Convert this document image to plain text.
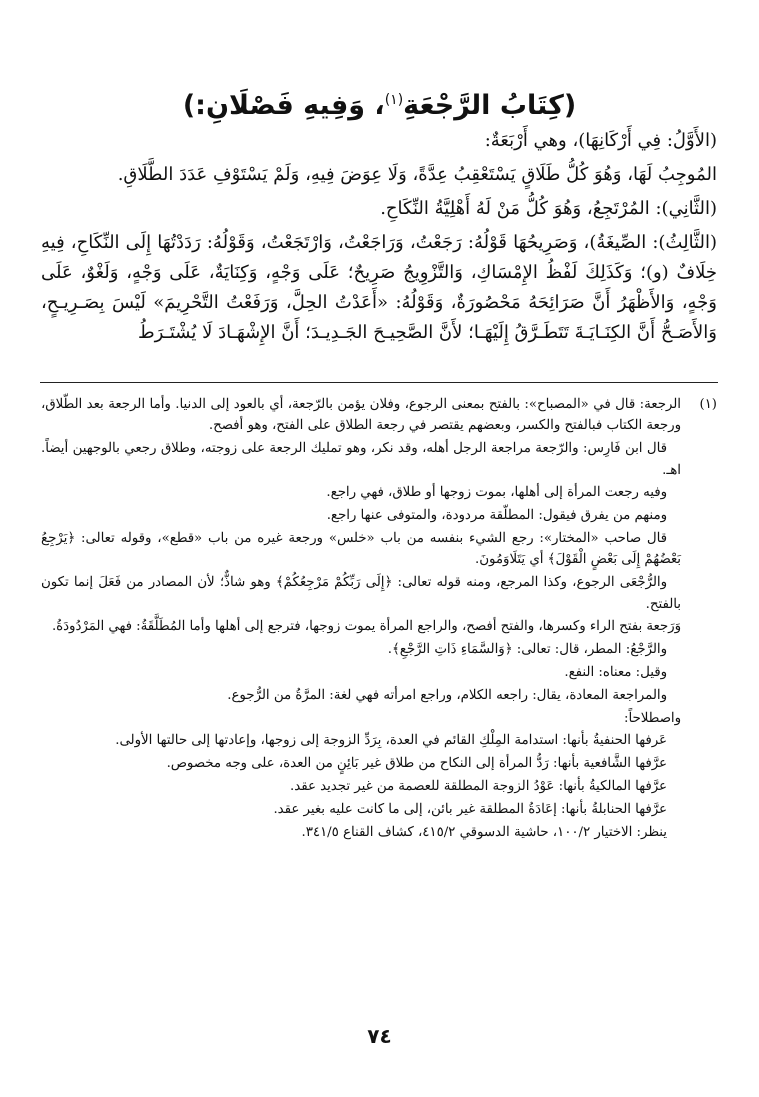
(كِتَابُ الرَّجْعَةِ$^{(١)}$، وَفِيهِ فَصْلَانِ:)

(الأَوَّلُ: فِي أَرْكَانِهَا)، وهي أَرْبَعَةٌ:

المُوجِبُ لَهَا، وَهُوَ كُلُّ طَلَاقٍ يَسْتَعْقِبُ عِدَّةً، وَلَا عِوَضَ فِيهِ، وَلَمْ يَسْتَوْفِ عَدَدَ الطَّلَاقِ.

(الثَّانِي): المُرْتَجِعُ، وَهُوَ كُلُّ مَنْ لَهُ أَهْلِيَّةُ النِّكَاحِ.

(الثَّالِثُ): الصِّيغَةُ)، وَصَرِيحُهَا قَوْلُهُ: رَجَعْتُ، وَرَاجَعْتُ، وَارْتَجَعْتُ، وَقَوْلُهُ: رَدَدْتُهَا إِلَى النِّكَاحِ، فِيهِ خِلَافٌ (و)؛ وَكَذَلِكَ لَفْظُ الإِمْسَاكِ، وَالتَّزْوِيجُ صَرِيحٌ؛ عَلَى وَجْهٍ، وَكِنَايَةٌ، عَلَى وَجْهٍ، وَلَغْوٌ، عَلَى وَجْهٍ، وَالأَظْهَرُ أَنَّ صَرَائِحَهُ مَحْصُورَةٌ، وَقَوْلُهُ: «أَعَدْتُ الحِلَّ، وَرَفَعْتُ التَّحْرِيمَ» لَيْسَ بِصَـرِيـحٍ، وَالأَصَـحُّ أَنَّ الكِنَـايَـةَ تَتَطَـرَّقُ إِلَيْهَـا؛ لأَنَّ الصَّحِيـحَ الجَـدِيـدَ؛ أَنَّ الإِشْهَـادَ لَا يُشْتَـرَطُ

(١)

الرجعة: قال في «المصباح»: بالفتح بمعنى الرجوع، وفلان يؤمن بالرّجعة، أي بالعود إلى الدنيا. وأما الرجعة بعد الطّلاق، ورجعة الكتاب فبالفتح والكسر، وبعضهم يقتصر في رجعة الطلاق على الفتح، وهو أفصح.

قال ابن فَارِس: والرّجعة مراجعة الرجل أهله، وقد نكر، وهو تمليك الرجعة على زوجته، وطلاق رجعي بالوجهين أيضاً. اهـ.

وفيه رجعت المرأة إلى أهلها، بموت زوجها أو طلاق، فهي راجع.

ومنهم من يفرق فيقول: المطلّقة مردودة، والمتوفى عنها راجع.

قال صاحب «المختار»: رجع الشيء بنفسه من باب «خلس» ورجعة غيره من باب «قطع»، وقوله تعالى: ﴿يَرْجِعُ بَعْضُهُمْ إِلَى بَعْضٍ الْقَوْلَ﴾ أي يَتَلَاوَمُونَ.

والرُّجْعَى الرجوع، وكذا المرجع، ومنه قوله تعالى: ﴿إِلَى رَبِّكُمْ مَرْجِعُكُمْ﴾ وهو شاذٌّ؛ لأن المصادر من فَعَلَ إنما تكون بالفتح.

وَرَجعة بفتح الراء وكسرها، والفتح أفصح، والراجع المرأة يموت زوجها، فترجع إلى أهلها وأما المُطَلَّقَةُ: فهي المَرْدُودَةُ.

والرَّجْعُ: المطر، قال: تعالى: ﴿وَالسَّمَاءِ ذَاتِ الرَّجْعِ﴾.

وقيل: معناه: النفع.

والمراجعة المعادة، يقال: راجعه الكلام، وراجع امرأته فهي لغة: المرَّةُ من الرُّجوع.

واصطلاحاً:

عَرفها الحنفيةُ بأنها: استدامة المِلْكِ القائم في العدة، بِرَدِّ الزوجة إلى زوجها، وإعادتها إلى حالتها الأولى.

عرَّفها الشَّافعية بأنها: رَدُّ المرأة إلى النكاح من طلاق غير بَائِنٍ من العدة، على وجه مخصوص.

عرَّفها المالكيةُ بأنها: عَوْدُ الزوجة المطلقة للعصمة من غير تجديد عقد.

عرَّفها الحنابلةُ بأنها: إعَادَةُ المطلقة غير بائن، إلى ما كانت عليه بغير عقد.

ينظر: الاختيار ١٠٠/٢، حاشية الدسوقي ٤١٥/٢، كشاف القناع ٣٤١/٥.

٧٤
